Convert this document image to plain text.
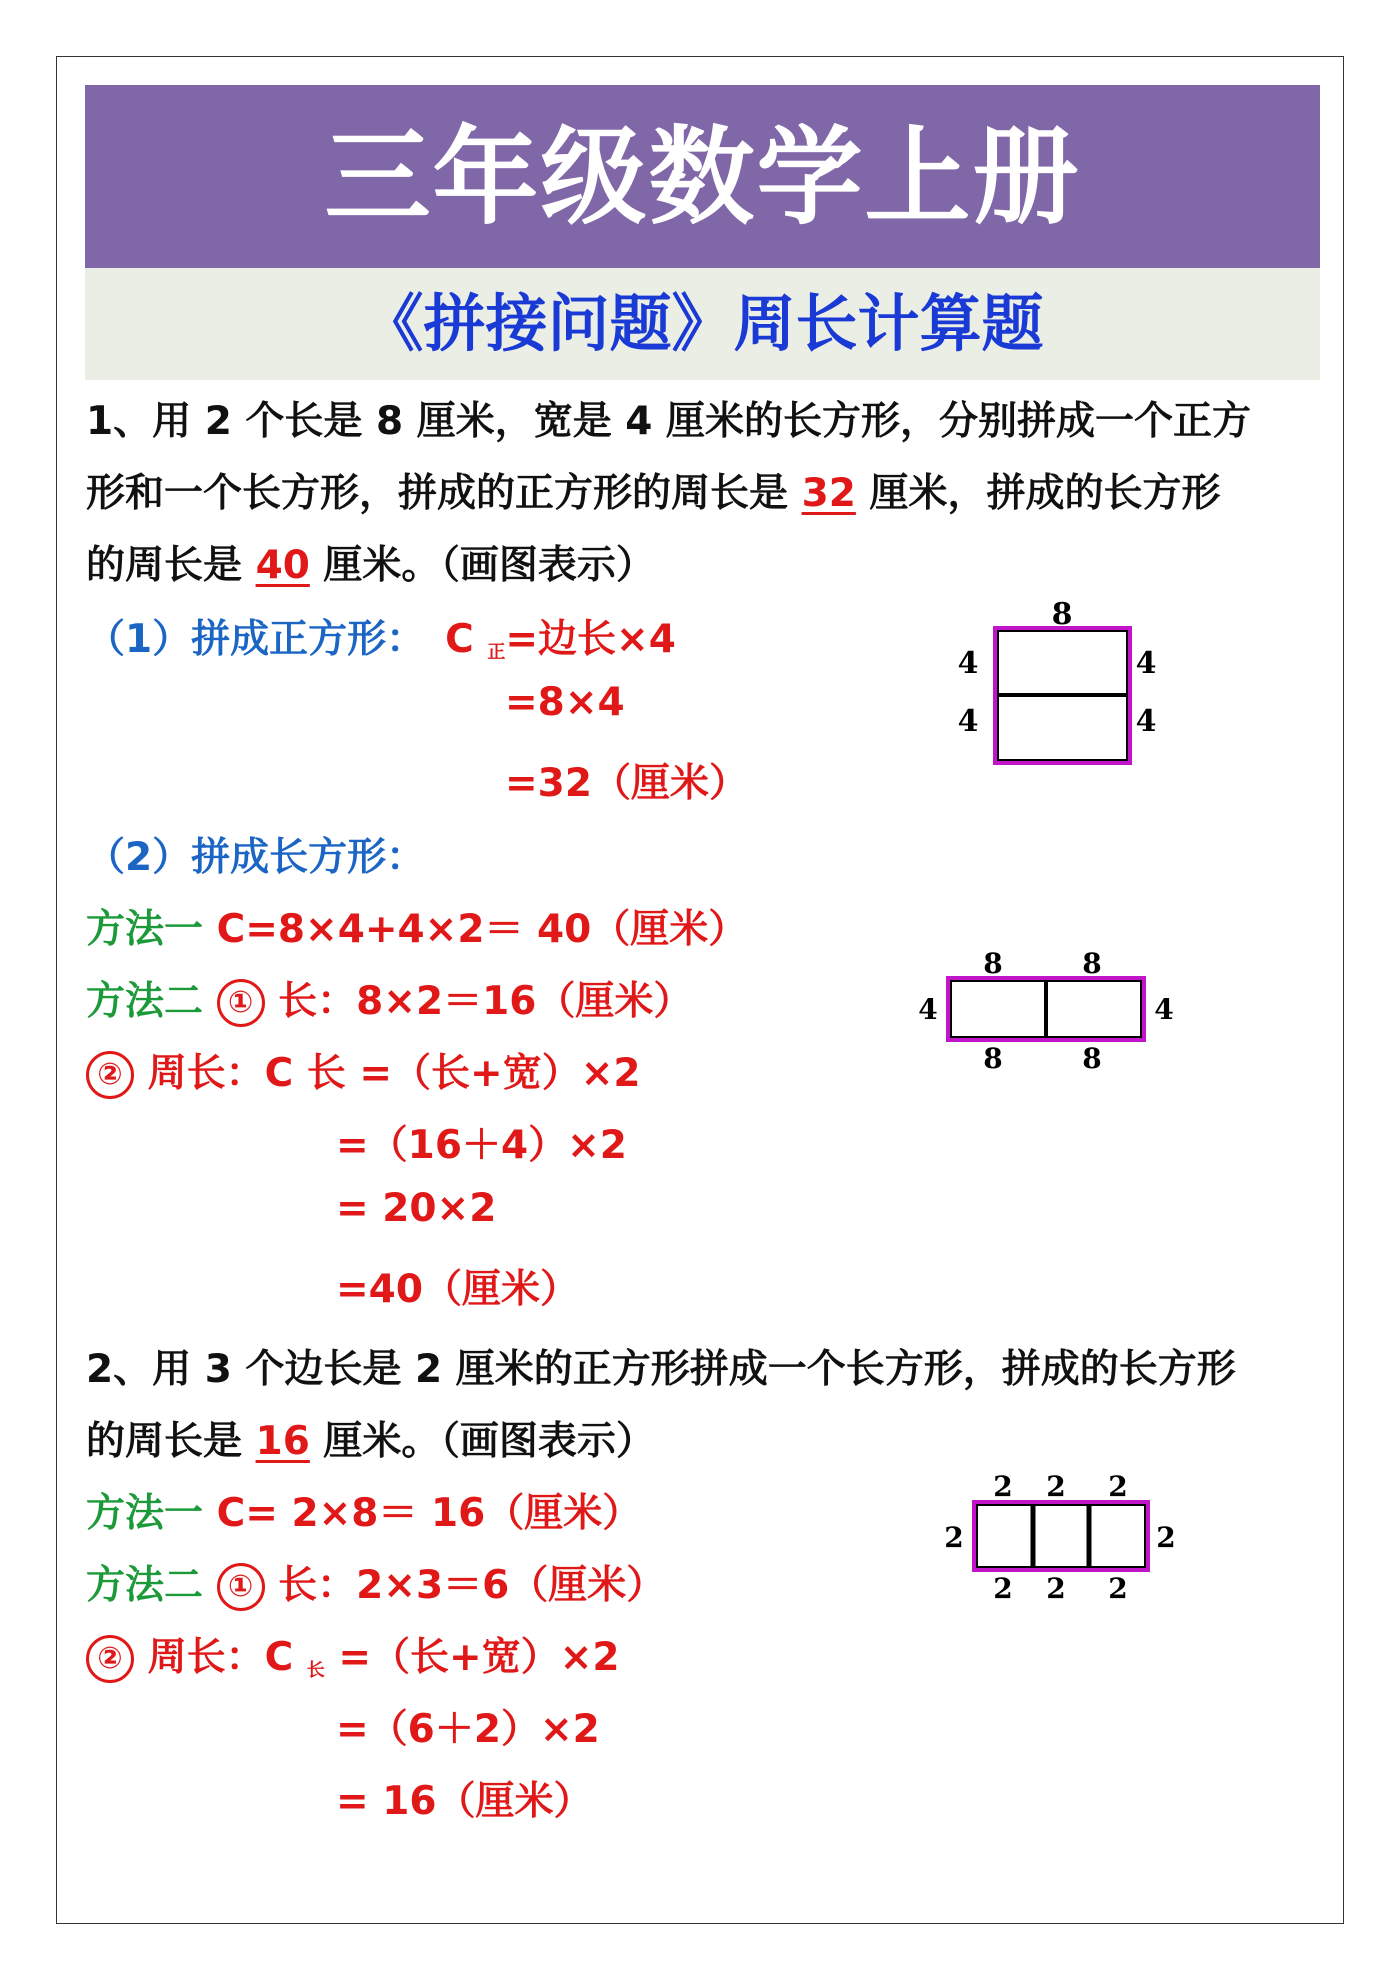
三年级数学上册
《拼接问题》周长计算题
1、用 2 个长是 8 厘米，宽是 4 厘米的长方形，分别拼成一个正方
形和一个长方形，拼成的正方形的周长是 32 厘米，拼成的长方形
的周长是 40 厘米。（画图表示）
（1）拼成正方形： C $_正$=边长×4
=8×4
=32（厘米）
（2）拼成长方形：
方法一 C=8×4+4×2＝ 40（厘米）
方法二 ① 长：8×2＝16（厘米）
② 周长：C 长 =（长+宽）×2
=（16＋4）×2
= 20×2
=40（厘米）
8
4
4
4
4
8	8
8	8
4	4
2、用 3 个边长是 2 厘米的正方形拼成一个长方形，拼成的长方形
的周长是 16 厘米。（画图表示）
方法一 C= 2×8＝ 16（厘米）
方法二 ① 长：2×3＝6（厘米）
② 周长：C $_长$ =（长+宽）×2
=（6＋2）×2
= 16（厘米）
2 2 2
2 2 2
2	2
